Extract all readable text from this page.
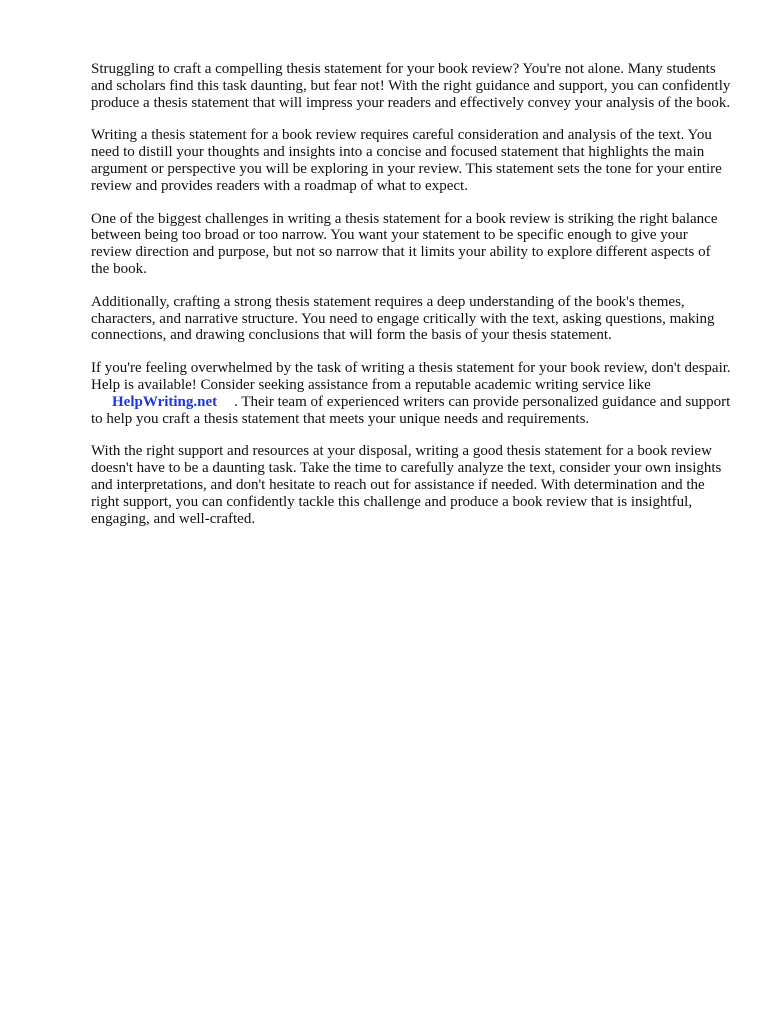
Struggling to craft a compelling thesis statement for your book review? You're not alone. Many students and scholars find this task daunting, but fear not! With the right guidance and support, you can confidently produce a thesis statement that will impress your readers and effectively convey your analysis of the book.

Writing a thesis statement for a book review requires careful consideration and analysis of the text. You need to distill your thoughts and insights into a concise and focused statement that highlights the main argument or perspective you will be exploring in your review. This statement sets the tone for your entire review and provides readers with a roadmap of what to expect.

One of the biggest challenges in writing a thesis statement for a book review is striking the right balance between being too broad or too narrow. You want your statement to be specific enough to give your review direction and purpose, but not so narrow that it limits your ability to explore different aspects of the book.

Additionally, crafting a strong thesis statement requires a deep understanding of the book's themes, characters, and narrative structure. You need to engage critically with the text, asking questions, making connections, and drawing conclusions that will form the basis of your thesis statement.

If you're feeling overwhelmed by the task of writing a thesis statement for your book review, don't despair. Help is available! Consider seeking assistance from a reputable academic writing service like HelpWriting.net . Their team of experienced writers can provide personalized guidance and support to help you craft a thesis statement that meets your unique needs and requirements.

With the right support and resources at your disposal, writing a good thesis statement for a book review doesn't have to be a daunting task. Take the time to carefully analyze the text, consider your own insights and interpretations, and don't hesitate to reach out for assistance if needed. With determination and the right support, you can confidently tackle this challenge and produce a book review that is insightful, engaging, and well-crafted.
